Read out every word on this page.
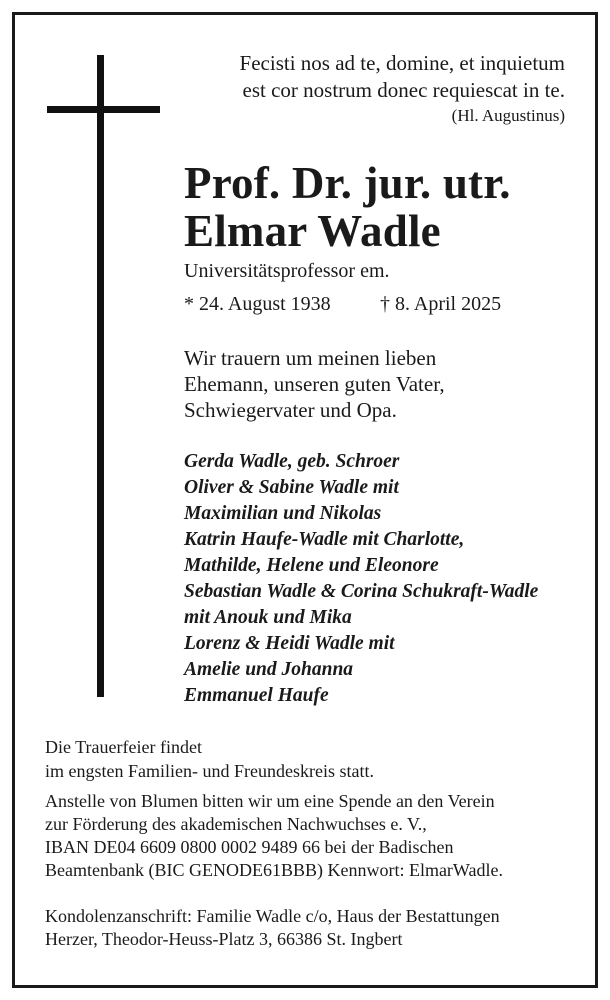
Fecisti nos ad te, domine, et inquietum
est cor nostrum donec requiescat in te.
(Hl. Augustinus)
Prof. Dr. jur. utr.
Elmar Wadle
Universitätsprofessor em.
* 24. August 1938 † 8. April 2025
Wir trauern um meinen lieben
Ehemann, unseren guten Vater,
Schwiegervater und Opa.
Gerda Wadle, geb. Schroer
Oliver & Sabine Wadle mit
Maximilian und Nikolas
Katrin Haufe-Wadle mit Charlotte,
Mathilde, Helene und Eleonore
Sebastian Wadle & Corina Schukraft-Wadle
mit Anouk und Mika
Lorenz & Heidi Wadle mit
Amelie und Johanna
Emmanuel Haufe
Die Trauerfeier findet
im engsten Familien- und Freundeskreis statt.
Anstelle von Blumen bitten wir um eine Spende an den Verein
zur Förderung des akademischen Nachwuchses e. V.,
IBAN DE04 6609 0800 0002 9489 66 bei der Badischen
Beamtenbank (BIC GENODE61BBB) Kennwort: ElmarWadle.
Kondolenzanschrift: Familie Wadle c/o, Haus der Bestattungen
Herzer, Theodor-Heuss-Platz 3, 66386 St. Ingbert
